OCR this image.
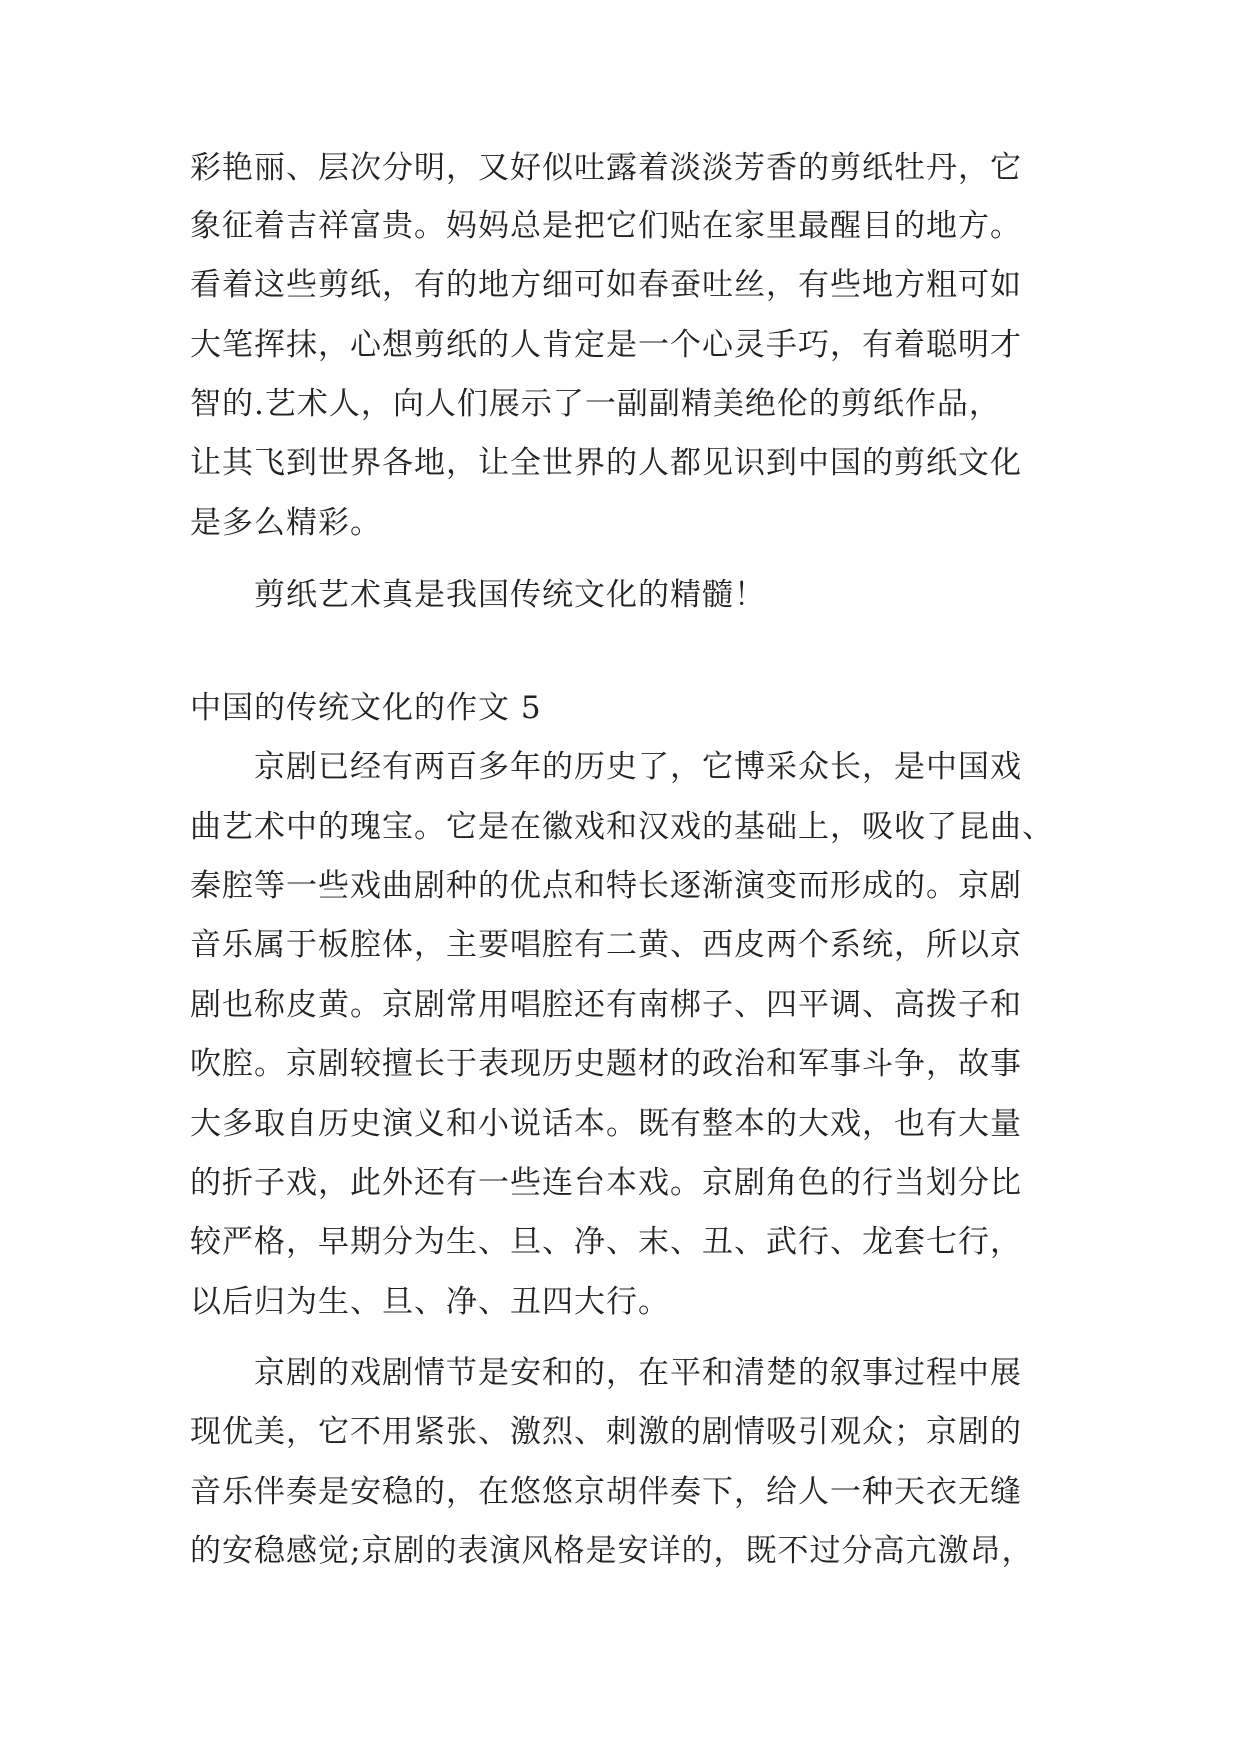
彩艳丽、层次分明，又好似吐露着淡淡芳香的剪纸牡丹，它
象征着吉祥富贵。妈妈总是把它们贴在家里最醒目的地方。
看着这些剪纸，有的地方细可如春蚕吐丝，有些地方粗可如
大笔挥抹，心想剪纸的人肯定是一个心灵手巧，有着聪明才
智的.艺术人，向人们展示了一副副精美绝伦的剪纸作品，
让其飞到世界各地，让全世界的人都见识到中国的剪纸文化
是多么精彩。
剪纸艺术真是我国传统文化的精髓！
中国的传统文化的作文 5
京剧已经有两百多年的历史了，它博采众长，是中国戏
曲艺术中的瑰宝。它是在徽戏和汉戏的基础上，吸收了昆曲、
秦腔等一些戏曲剧种的优点和特长逐渐演变而形成的。京剧
音乐属于板腔体，主要唱腔有二黄、西皮两个系统，所以京
剧也称皮黄。京剧常用唱腔还有南梆子、四平调、高拨子和
吹腔。京剧较擅长于表现历史题材的政治和军事斗争，故事
大多取自历史演义和小说话本。既有整本的大戏，也有大量
的折子戏，此外还有一些连台本戏。京剧角色的行当划分比
较严格，早期分为生、旦、净、末、丑、武行、龙套七行，
以后归为生、旦、净、丑四大行。
京剧的戏剧情节是安和的，在平和清楚的叙事过程中展
现优美，它不用紧张、激烈、刺激的剧情吸引观众；京剧的
音乐伴奏是安稳的，在悠悠京胡伴奏下，给人一种天衣无缝
的安稳感觉;京剧的表演风格是安详的，既不过分高亢激昂，
